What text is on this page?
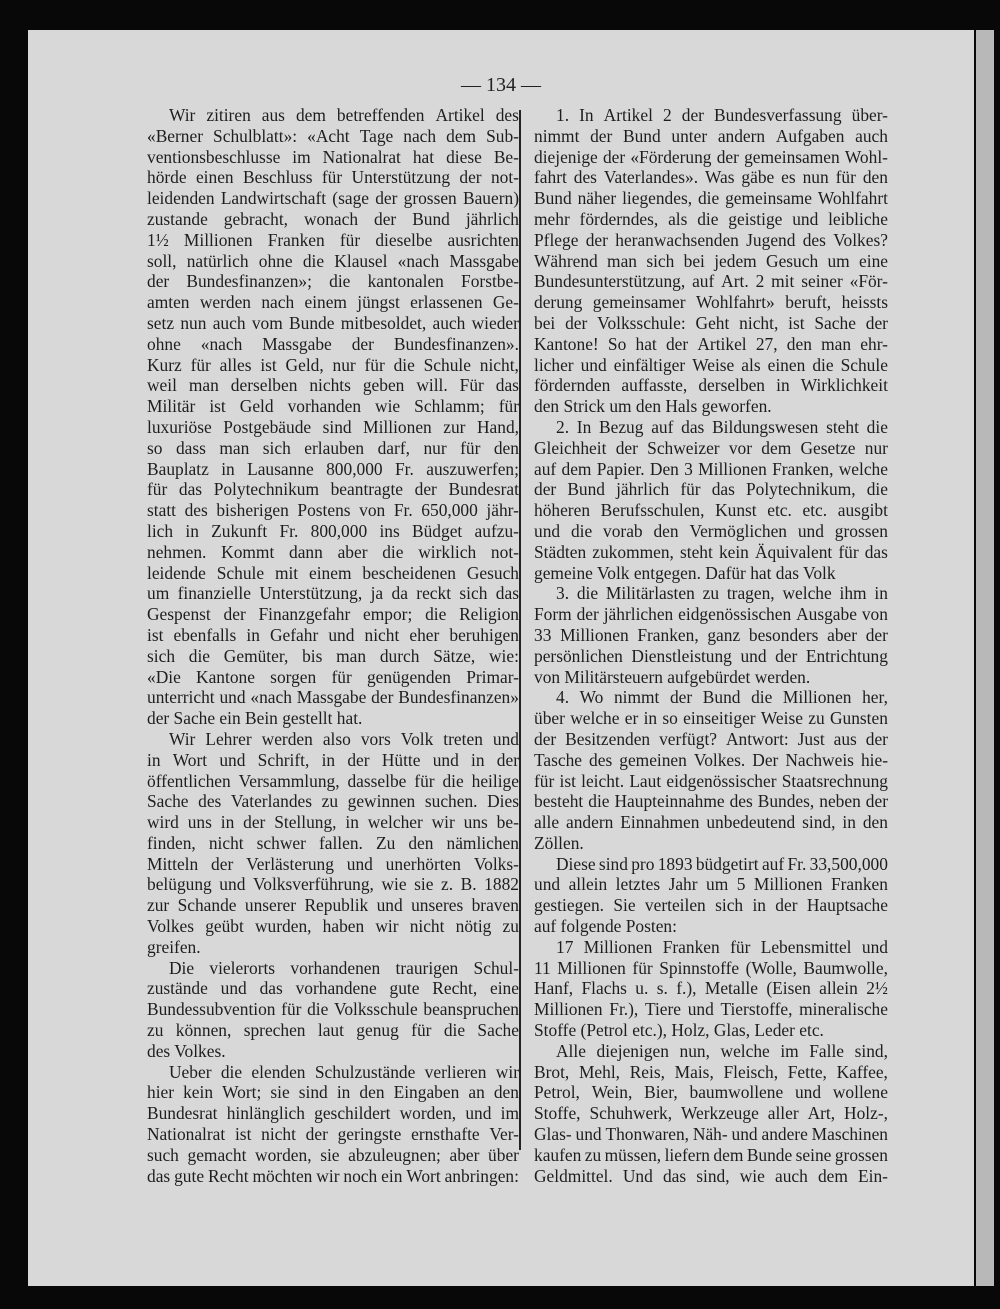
— 134 —
Wir zitiren aus dem betreffenden Artikel des
«Berner Schulblatt»: «Acht Tage nach dem Sub-
ventionsbeschlusse im Nationalrat hat diese Be-
hörde einen Beschluss für Unterstützung der not-
leidenden Landwirtschaft (sage der grossen Bauern)
zustande gebracht, wonach der Bund jährlich
1½ Millionen Franken für dieselbe ausrichten
soll, natürlich ohne die Klausel «nach Massgabe
der Bundesfinanzen»; die kantonalen Forstbe-
amten werden nach einem jüngst erlassenen Ge-
setz nun auch vom Bunde mitbesoldet, auch wieder
ohne «nach Massgabe der Bundesfinanzen».
Kurz für alles ist Geld, nur für die Schule nicht,
weil man derselben nichts geben will. Für das
Militär ist Geld vorhanden wie Schlamm; für
luxuriöse Postgebäude sind Millionen zur Hand,
so dass man sich erlauben darf, nur für den
Bauplatz in Lausanne 800,000 Fr. auszuwerfen;
für das Polytechnikum beantragte der Bundesrat
statt des bisherigen Postens von Fr. 650,000 jähr-
lich in Zukunft Fr. 800,000 ins Büdget aufzu-
nehmen. Kommt dann aber die wirklich not-
leidende Schule mit einem bescheidenen Gesuch
um finanzielle Unterstützung, ja da reckt sich das
Gespenst der Finanzgefahr empor; die Religion
ist ebenfalls in Gefahr und nicht eher beruhigen
sich die Gemüter, bis man durch Sätze, wie:
«Die Kantone sorgen für genügenden Primar-
unterricht und «nach Massgabe der Bundesfinanzen»
der Sache ein Bein gestellt hat.
Wir Lehrer werden also vors Volk treten und
in Wort und Schrift, in der Hütte und in der
öffentlichen Versammlung, dasselbe für die heilige
Sache des Vaterlandes zu gewinnen suchen. Dies
wird uns in der Stellung, in welcher wir uns be-
finden, nicht schwer fallen. Zu den nämlichen
Mitteln der Verlästerung und unerhörten Volks-
belügung und Volksverführung, wie sie z. B. 1882
zur Schande unserer Republik und unseres braven
Volkes geübt wurden, haben wir nicht nötig zu
greifen.
Die vielerorts vorhandenen traurigen Schul-
zustände und das vorhandene gute Recht, eine
Bundessubvention für die Volksschule beanspruchen
zu können, sprechen laut genug für die Sache
des Volkes.
Ueber die elenden Schulzustände verlieren wir
hier kein Wort; sie sind in den Eingaben an den
Bundesrat hinlänglich geschildert worden, und im
Nationalrat ist nicht der geringste ernsthafte Ver-
such gemacht worden, sie abzuleugnen; aber über
das gute Recht möchten wir noch ein Wort anbringen:
1. In Artikel 2 der Bundesverfassung über-
nimmt der Bund unter andern Aufgaben auch
diejenige der «Förderung der gemeinsamen Wohl-
fahrt des Vaterlandes». Was gäbe es nun für den
Bund näher liegendes, die gemeinsame Wohlfahrt
mehr förderndes, als die geistige und leibliche
Pflege der heranwachsenden Jugend des Volkes?
Während man sich bei jedem Gesuch um eine
Bundesunterstützung, auf Art. 2 mit seiner «För-
derung gemeinsamer Wohlfahrt» beruft, heissts
bei der Volksschule: Geht nicht, ist Sache der
Kantone! So hat der Artikel 27, den man ehr-
licher und einfältiger Weise als einen die Schule
fördernden auffasste, derselben in Wirklichkeit
den Strick um den Hals geworfen.
2. In Bezug auf das Bildungswesen steht die
Gleichheit der Schweizer vor dem Gesetze nur
auf dem Papier. Den 3 Millionen Franken, welche
der Bund jährlich für das Polytechnikum, die
höheren Berufsschulen, Kunst etc. etc. ausgibt
und die vorab den Vermöglichen und grossen
Städten zukommen, steht kein Äquivalent für das
gemeine Volk entgegen. Dafür hat das Volk
3. die Militärlasten zu tragen, welche ihm in
Form der jährlichen eidgenössischen Ausgabe von
33 Millionen Franken, ganz besonders aber der
persönlichen Dienstleistung und der Entrichtung
von Militärsteuern aufgebürdet werden.
4. Wo nimmt der Bund die Millionen her,
über welche er in so einseitiger Weise zu Gunsten
der Besitzenden verfügt? Antwort: Just aus der
Tasche des gemeinen Volkes. Der Nachweis hie-
für ist leicht. Laut eidgenössischer Staatsrechnung
besteht die Haupteinnahme des Bundes, neben der
alle andern Einnahmen unbedeutend sind, in den
Zöllen.
Diese sind pro 1893 büdgetirt auf Fr. 33,500,000
und allein letztes Jahr um 5 Millionen Franken
gestiegen. Sie verteilen sich in der Hauptsache
auf folgende Posten:
17 Millionen Franken für Lebensmittel und
11 Millionen für Spinnstoffe (Wolle, Baumwolle,
Hanf, Flachs u. s. f.), Metalle (Eisen allein 2½
Millionen Fr.), Tiere und Tierstoffe, mineralische
Stoffe (Petrol etc.), Holz, Glas, Leder etc.
Alle diejenigen nun, welche im Falle sind,
Brot, Mehl, Reis, Mais, Fleisch, Fette, Kaffee,
Petrol, Wein, Bier, baumwollene und wollene
Stoffe, Schuhwerk, Werkzeuge aller Art, Holz-,
Glas- und Thonwaren, Näh- und andere Maschinen
kaufen zu müssen, liefern dem Bunde seine grossen
Geldmittel. Und das sind, wie auch dem Ein-
